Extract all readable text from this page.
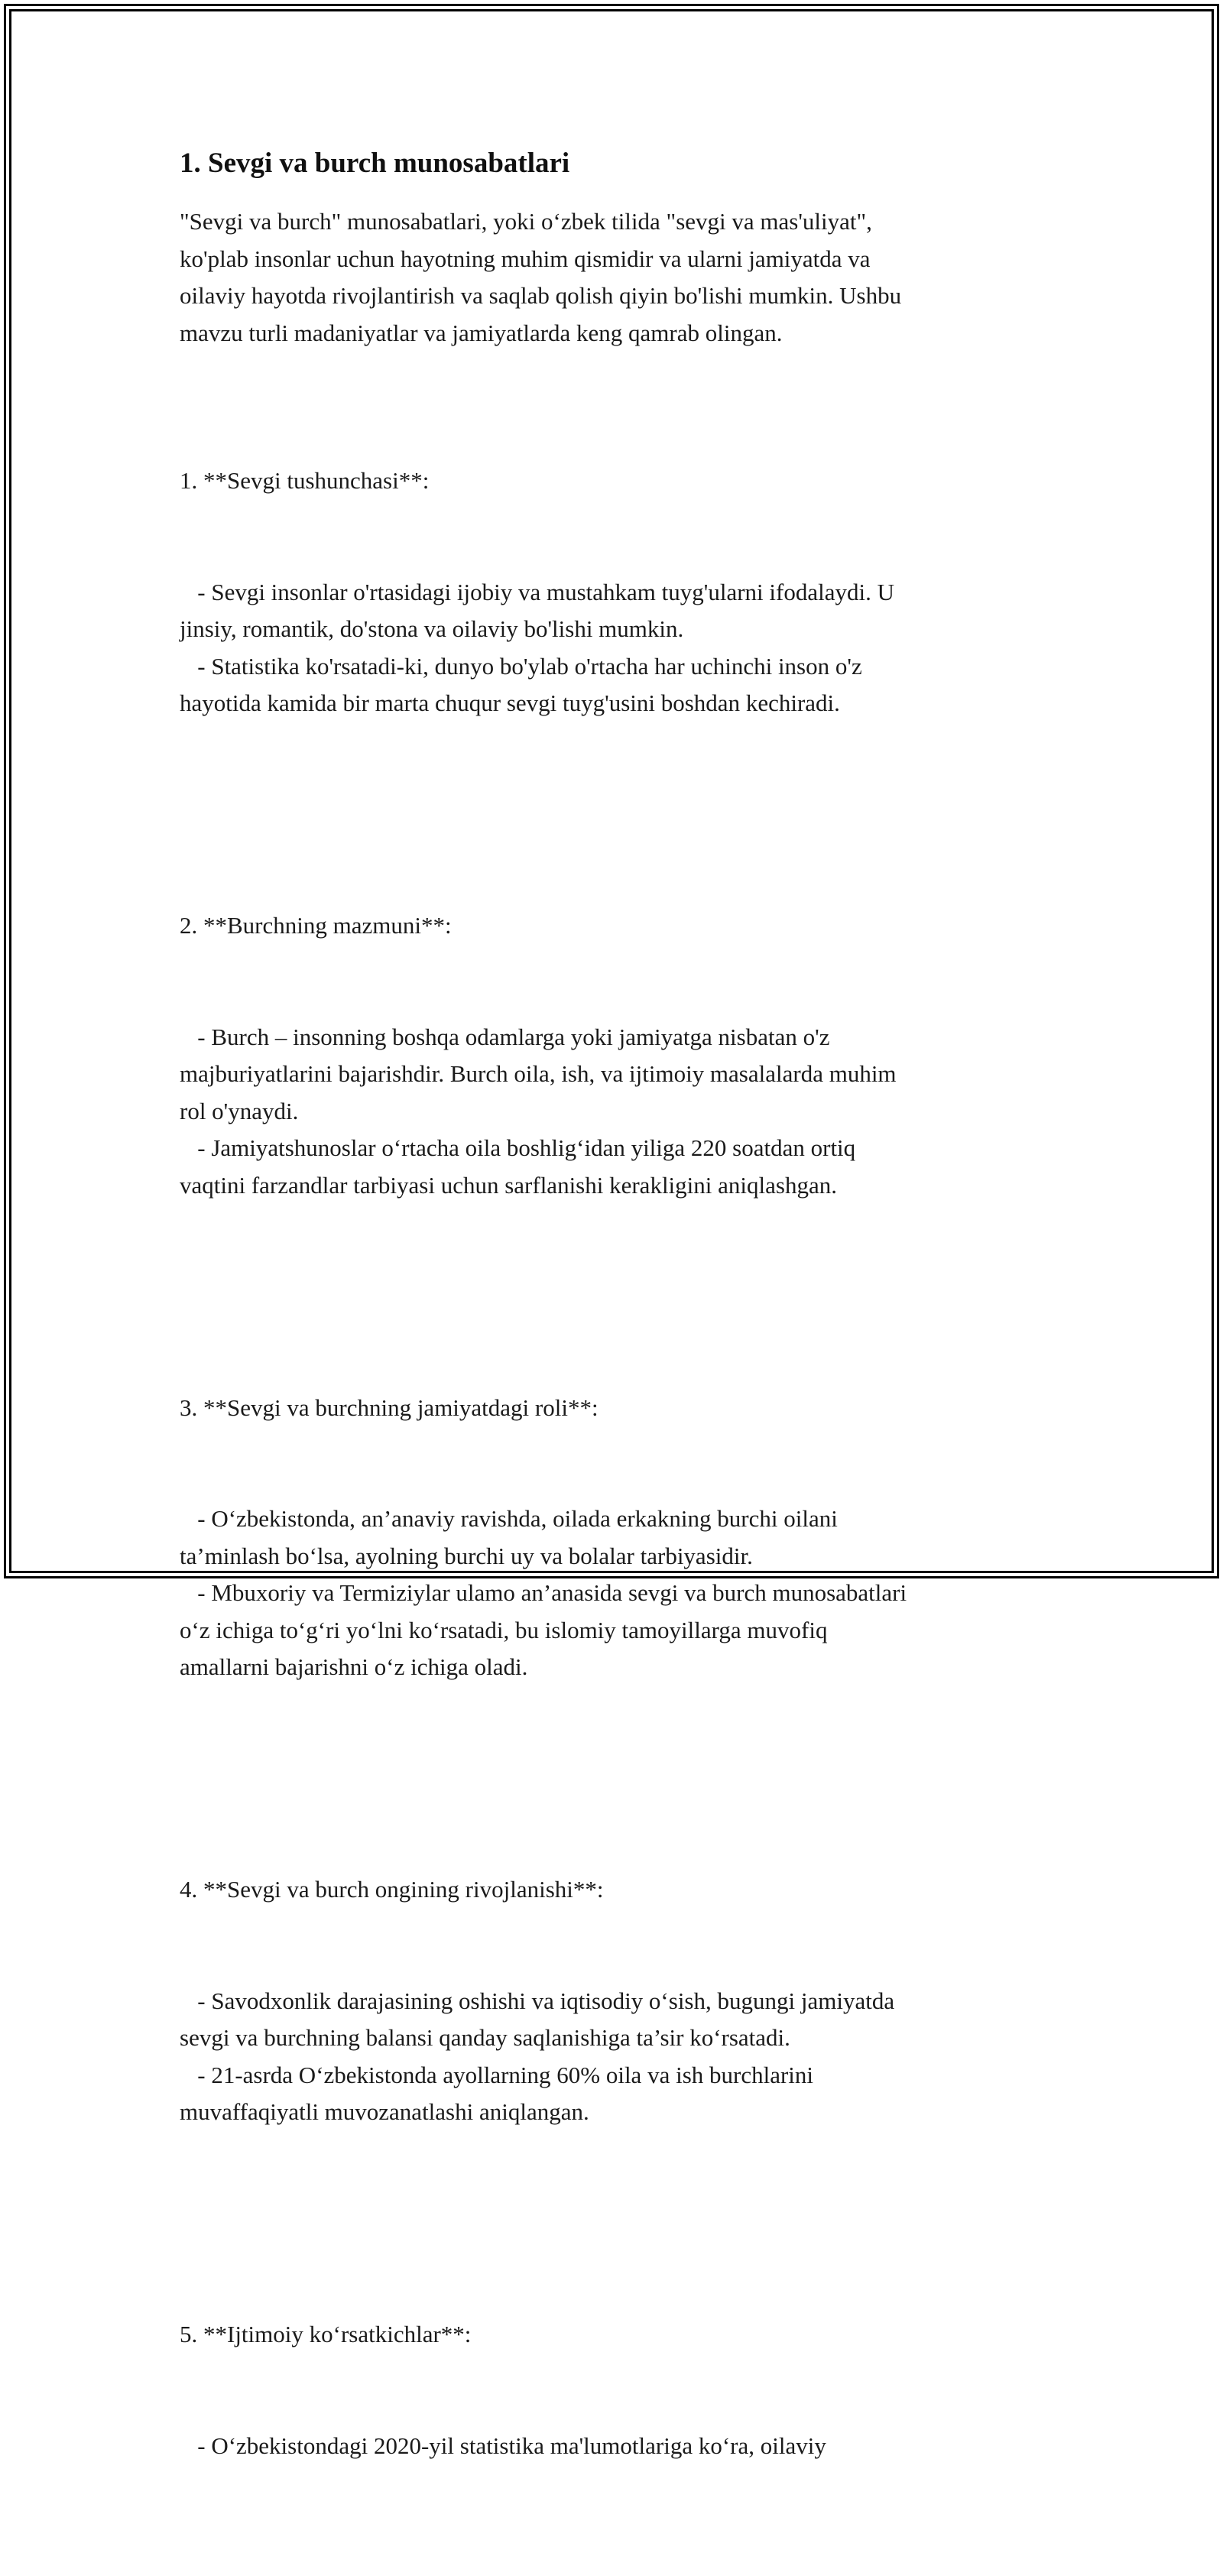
1. Sevgi va burch munosabatlari
"Sevgi va burch" munosabatlari, yoki o‘zbek tilida "sevgi va mas'uliyat",
ko'plab insonlar uchun hayotning muhim qismidir va ularni jamiyatda va
oilaviy hayotda rivojlantirish va saqlab qolish qiyin bo'lishi mumkin. Ushbu
mavzu turli madaniyatlar va jamiyatlarda keng qamrab olingan.

1. **Sevgi tushunchasi**:

- Sevgi insonlar o'rtasidagi ijobiy va mustahkam tuyg'ularni ifodalaydi. U
jinsiy, romantik, do'stona va oilaviy bo'lishi mumkin.
- Statistika ko'rsatadi-ki, dunyo bo'ylab o'rtacha har uchinchi inson o'z
hayotida kamida bir marta chuqur sevgi tuyg'usini boshdan kechiradi.

2. **Burchning mazmuni**:

- Burch – insonning boshqa odamlarga yoki jamiyatga nisbatan o'z
majburiyatlarini bajarishdir. Burch oila, ish, va ijtimoiy masalalarda muhim
rol o'ynaydi.
- Jamiyatshunoslar o‘rtacha oila boshlig‘idan yiliga 220 soatdan ortiq
vaqtini farzandlar tarbiyasi uchun sarflanishi kerakligini aniqlashgan.

3. **Sevgi va burchning jamiyatdagi roli**:

- O‘zbekistonda, an’anaviy ravishda, oilada erkakning burchi oilani
ta’minlash bo‘lsa, ayolning burchi uy va bolalar tarbiyasidir.
- Mbuxoriy va Termiziylar ulamo an’anasida sevgi va burch munosabatlari
o‘z ichiga to‘g‘ri yo‘lni ko‘rsatadi, bu islomiy tamoyillarga muvofiq
amallarni bajarishni o‘z ichiga oladi.

4. **Sevgi va burch ongining rivojlanishi**:

- Savodxonlik darajasining oshishi va iqtisodiy o‘sish, bugungi jamiyatda
sevgi va burchning balansi qanday saqlanishiga ta’sir ko‘rsatadi.
- 21-asrda O‘zbekistonda ayollarning 60% oila va ish burchlarini
muvaffaqiyatli muvozanatlashi aniqlangan.

5. **Ijtimoiy ko‘rsatkichlar**:

- O‘zbekistondagi 2020-yil statistika ma'lumotlariga ko‘ra, oilaviy
